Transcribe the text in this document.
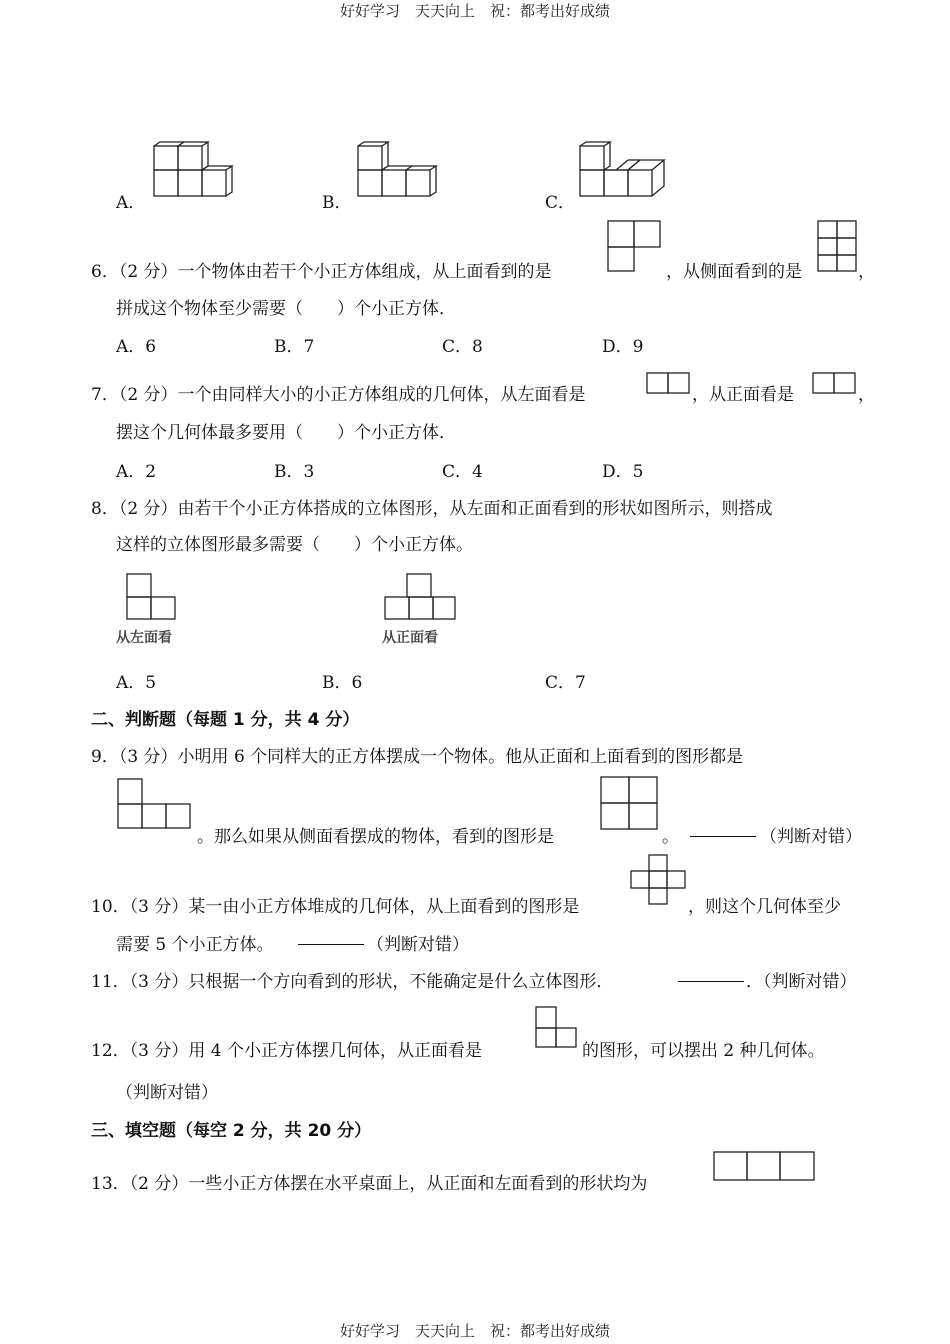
好好学习　天天向上　祝：都考出好成绩
A．	B．	C．
6．（2 分）一个物体由若干个小正方体组成，从上面看到的是	，从侧面看到的是	，
拼成这个物体至少需要（　　）个小正方体．
A．6	B．7	C．8	D．9
7．（2 分）一个由同样大小的小正方体组成的几何体，从左面看是	，从正面看是	，
摆这个几何体最多要用（　　）个小正方体．
A．2	B．3	C．4	D．5
8．（2 分）由若干个小正方体搭成的立体图形，从左面和正面看到的形状如图所示，则搭成
这样的立体图形最多需要（　　）个小正方体。
从左面看	从正面看
A．5	B．6	C．7
二、判断题（每题 1 分，共 4 分）
9．（3 分）小明用 6 个同样大的正方体摆成一个物体。他从正面和上面看到的图形都是
。那么如果从侧面看摆成的物体，看到的图形是	。	（判断对错）
10．（3 分）某一由小正方体堆成的几何体，从上面看到的图形是	，则这个几何体至少
需要 5 个小正方体。	（判断对错）
11．（3 分）只根据一个方向看到的形状，不能确定是什么立体图形．	．（判断对错）
12．（3 分）用 4 个小正方体摆几何体，从正面看是	的图形，可以摆出 2 种几何体。
（判断对错）
三、填空题（每空 2 分，共 20 分）
13．（2 分）一些小正方体摆在水平桌面上，从正面和左面看到的形状均为
好好学习　天天向上　祝：都考出好成绩
